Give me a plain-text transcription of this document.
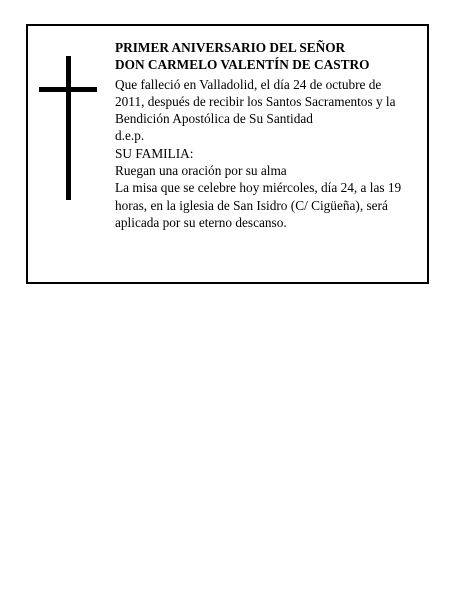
PRIMER ANIVERSARIO DEL SEÑOR
DON CARMELO VALENTÍN DE CASTRO
Que falleció en Valladolid, el día 24 de octubre de
2011, después de recibir los Santos Sacramentos y la
Bendición Apostólica de Su Santidad
d.e.p.
SU FAMILIA:
Ruegan una oración por su alma
La misa que se celebre hoy miércoles, día 24, a las 19
horas, en la iglesia de San Isidro (C/ Cigüeña), será
aplicada por su eterno descanso.
